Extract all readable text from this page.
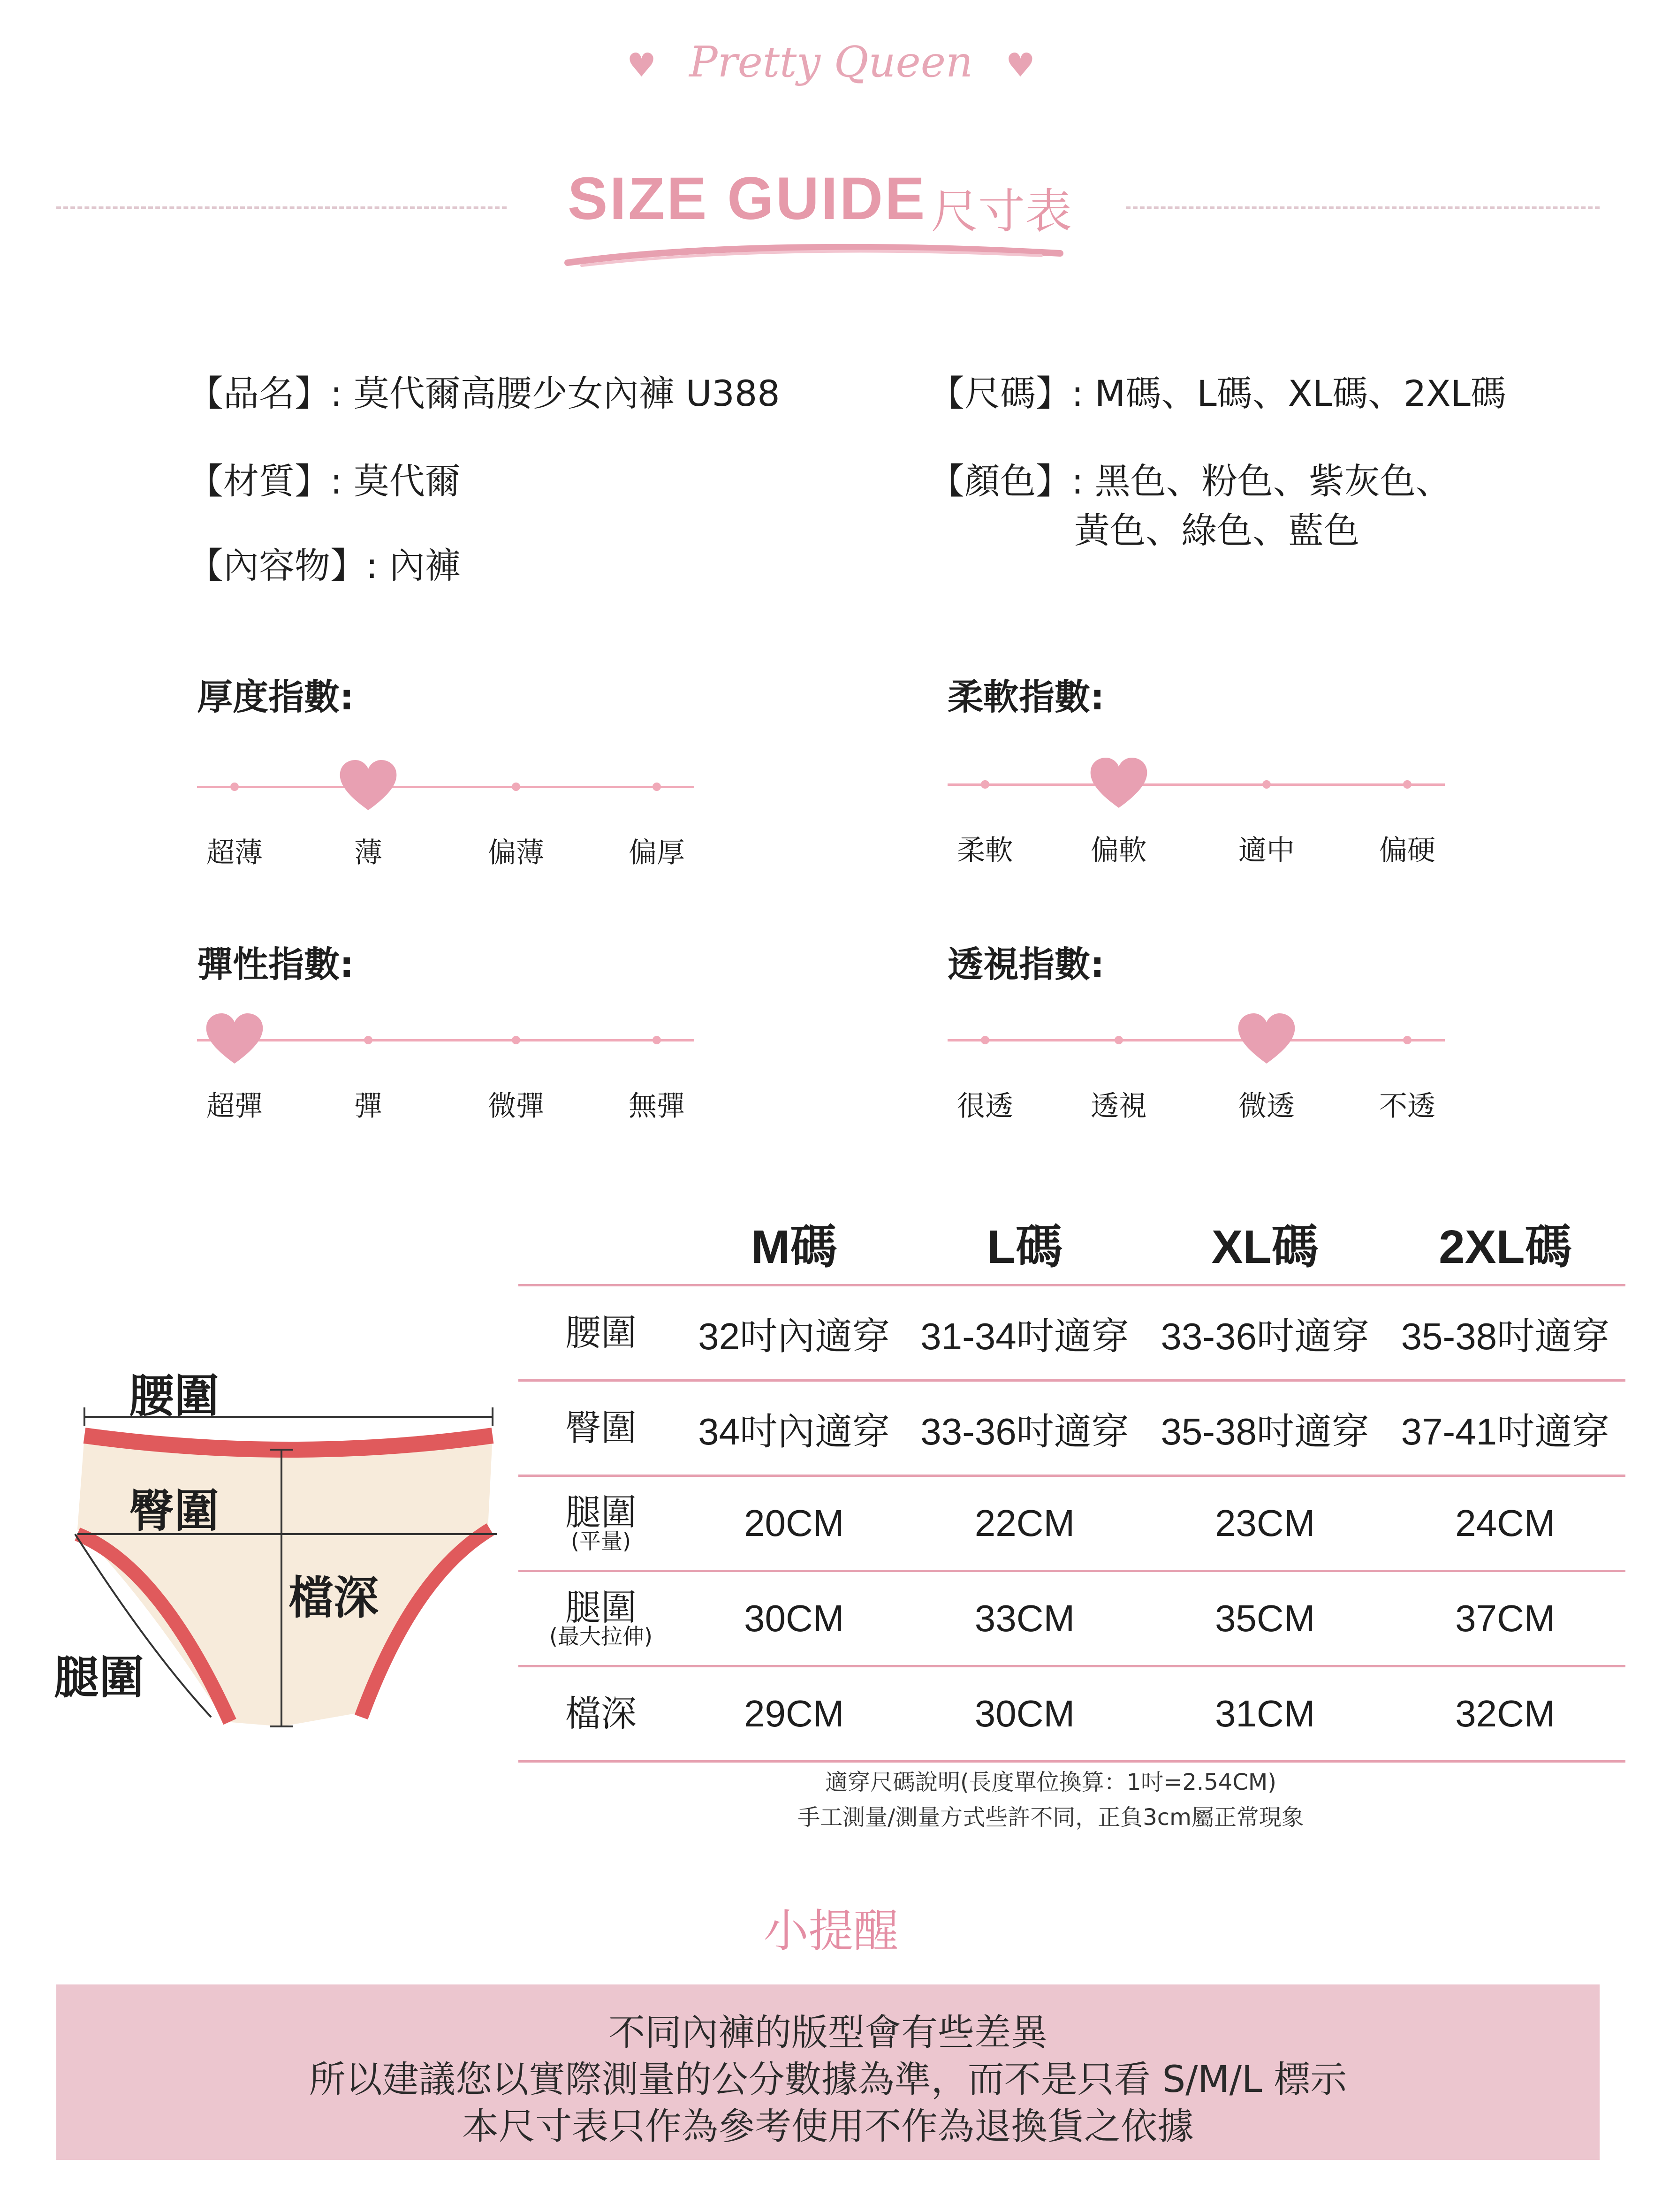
♥ Pretty Queen ♥
SIZE GUIDE 尺寸表
【品名】: 莫代爾高腰少女內褲 U388
【材質】: 莫代爾
【內容物】: 內褲
【尺碼】: M碼、L碼、XL碼、2XL碼
【顏色】: 黑色、粉色、紫灰色、
黃色、綠色、藍色
厚度指數:
超薄	薄	偏薄	偏厚
柔軟指數:
柔軟	偏軟	適中	偏硬
彈性指數:
超彈	彈	微彈	無彈
透視指數:
很透	透視	微透	不透
腰圍
臀圍
檔深
腿圍
	M碼	L碼	XL碼	2XL碼
腰圍	32吋內適穿	31-34吋適穿	33-36吋適穿	35-38吋適穿
臀圍	34吋內適穿	33-36吋適穿	35-38吋適穿	37-41吋適穿
腿圍
(平量)	20CM	22CM	23CM	24CM
腿圍
(最大拉伸)	30CM	33CM	35CM	37CM
檔深	29CM	30CM	31CM	32CM
適穿尺碼說明(長度單位換算：1吋=2.54CM)
手工測量/測量方式些許不同，正負3cm屬正常現象
小提醒
不同內褲的版型會有些差異
所以建議您以實際測量的公分數據為準，而不是只看 S/M/L 標示
本尺寸表只作為參考使用不作為退換貨之依據
